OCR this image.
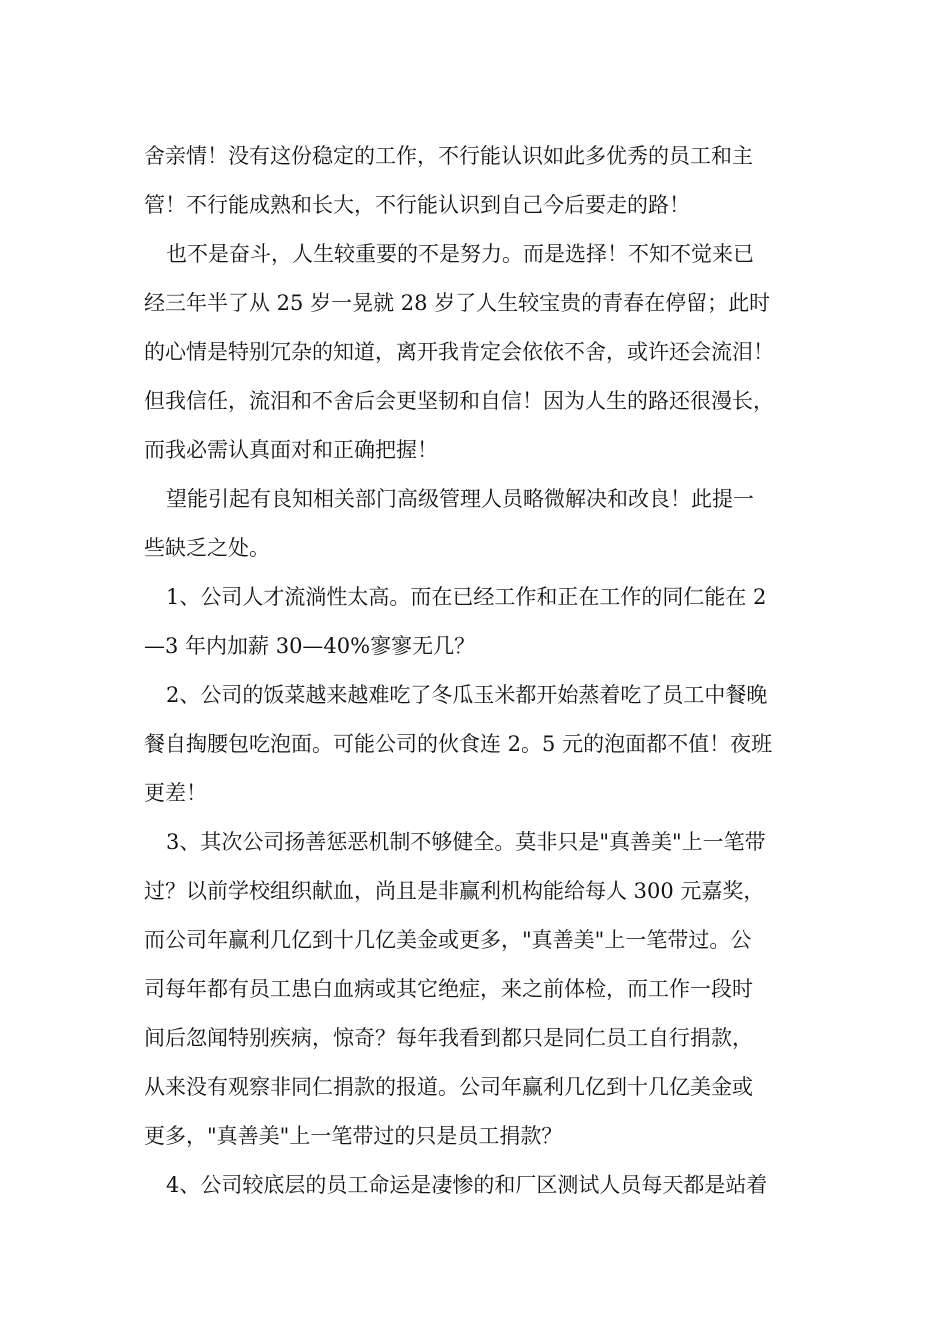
舍亲情！没有这份稳定的工作，不行能认识如此多优秀的员工和主
管！不行能成熟和长大，不行能认识到自己今后要走的路！
也不是奋斗，人生较重要的不是努力。而是选择！不知不觉来已
经三年半了从 25 岁一晃就 28 岁了人生较宝贵的青春在停留；此时
的心情是特别冗杂的知道，离开我肯定会依依不舍，或许还会流泪！
但我信任，流泪和不舍后会更坚韧和自信！因为人生的路还很漫长，
而我必需认真面对和正确把握！
望能引起有良知相关部门高级管理人员略微解决和改良！此提一
些缺乏之处。
1、公司人才流淌性太高。而在已经工作和正在工作的同仁能在 2
—3 年内加薪 30—40%寥寥无几？
2、公司的饭菜越来越难吃了冬瓜玉米都开始蒸着吃了员工中餐晚
餐自掏腰包吃泡面。可能公司的伙食连 2。5 元的泡面都不值！夜班
更差！
3、其次公司扬善惩恶机制不够健全。莫非只是"真善美"上一笔带
过？以前学校组织献血，尚且是非赢利机构能给每人 300 元嘉奖，
而公司年赢利几亿到十几亿美金或更多，"真善美"上一笔带过。公
司每年都有员工患白血病或其它绝症，来之前体检，而工作一段时
间后忽闻特别疾病，惊奇？每年我看到都只是同仁员工自行捐款，
从来没有观察非同仁捐款的报道。公司年赢利几亿到十几亿美金或
更多，"真善美"上一笔带过的只是员工捐款？
4、公司较底层的员工命运是凄惨的和厂区测试人员每天都是站着
